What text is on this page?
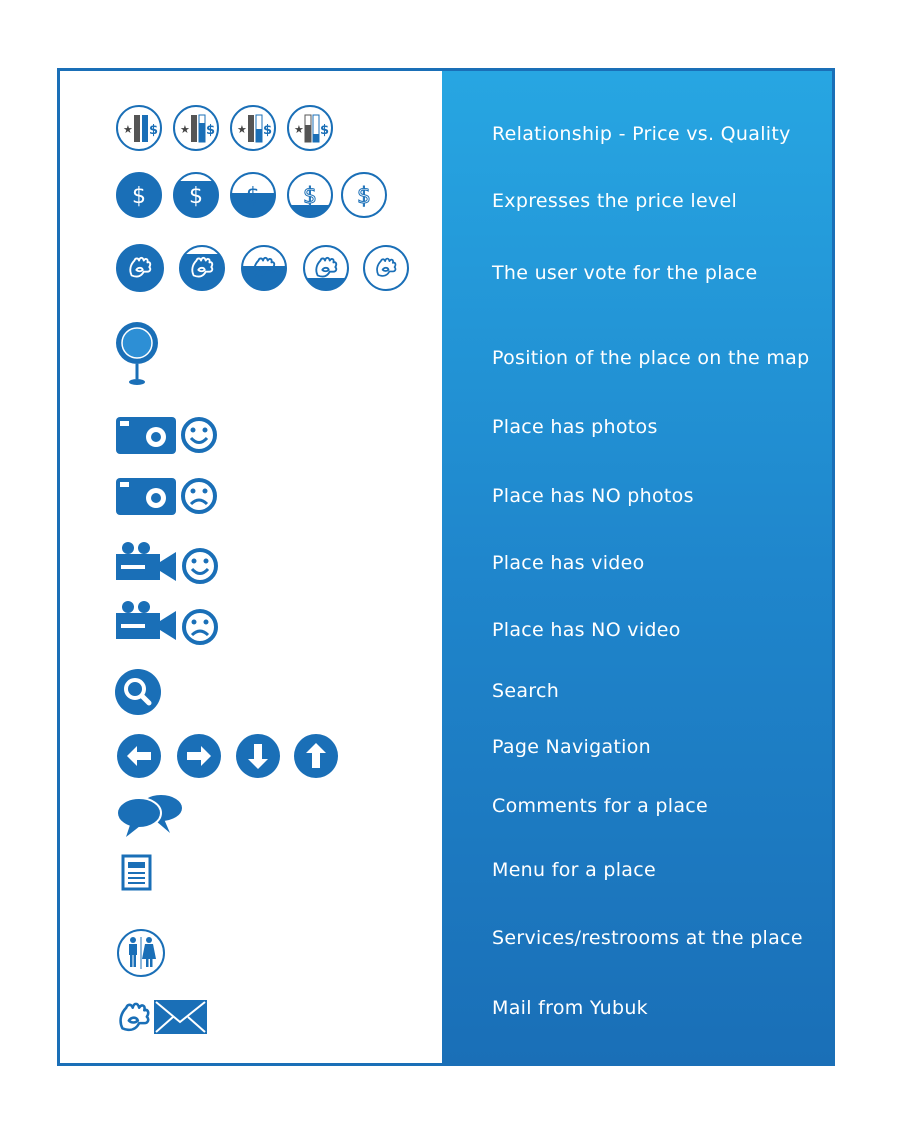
★ $ ★ $ ★ $ ★ $
$ $ $ $ $
Relationship - Price vs. Quality
Expresses the price level
The user vote for the place
Position of the place on the map
Place has photos
Place has NO photos
Place has video
Place has NO video
Search
Page Navigation
Comments for a place
Menu for a place
Services/restrooms at the place
Mail from Yubuk
